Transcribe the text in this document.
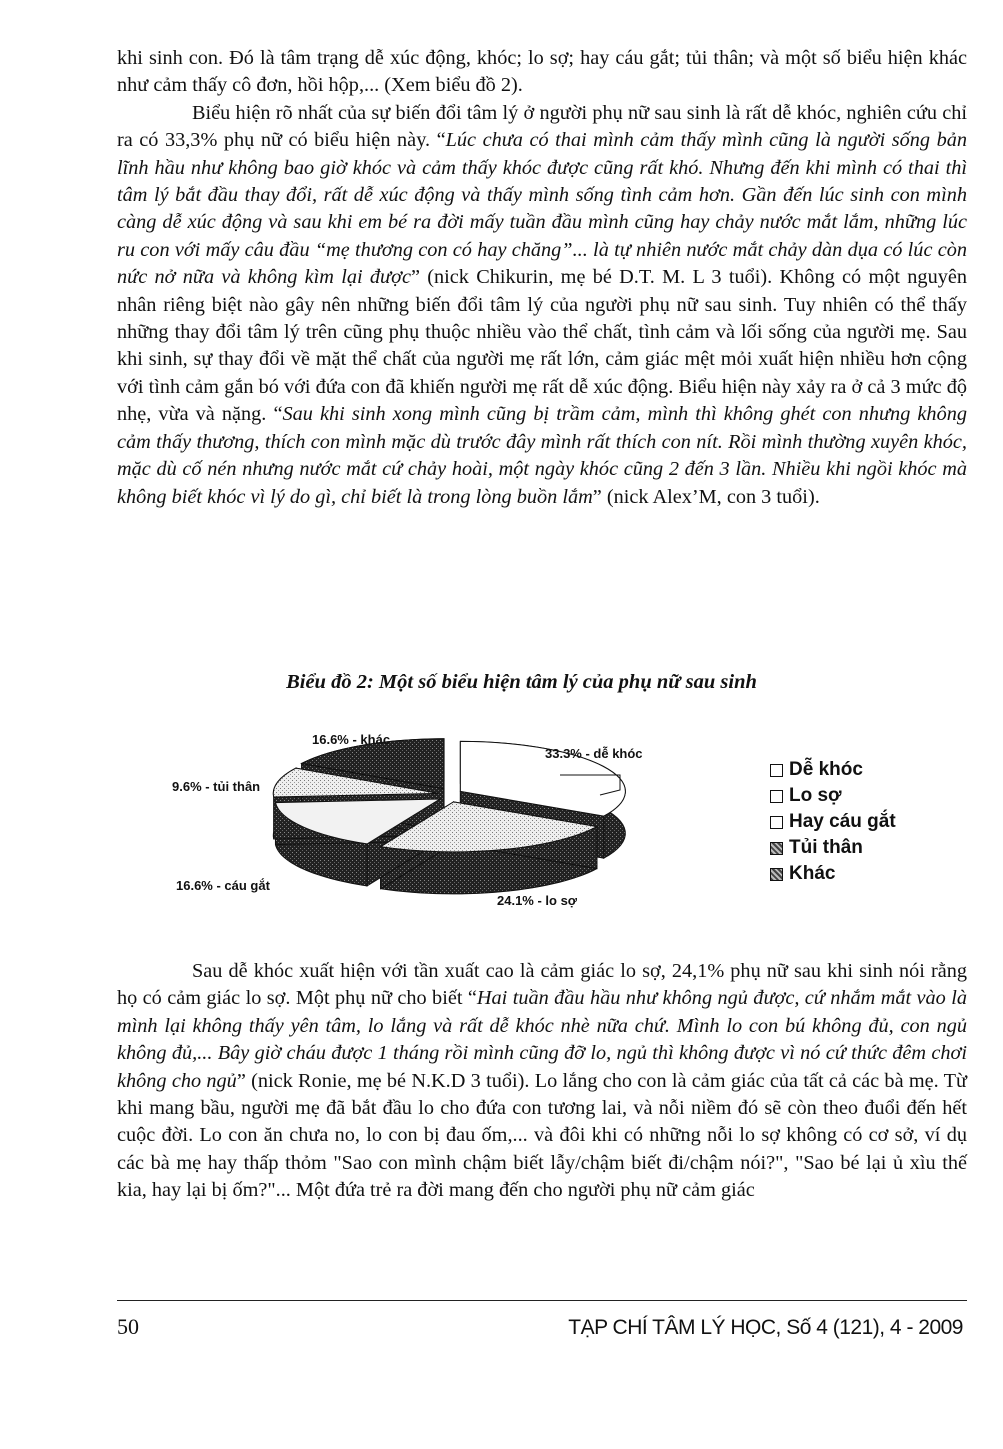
khi sinh con. Đó là tâm trạng dễ xúc động, khóc; lo sợ; hay cáu gắt; tủi thân; và một số biểu hiện khác như cảm thấy cô đơn, hồi hộp,... (Xem biểu đồ 2).

Biểu hiện rõ nhất của sự biến đổi tâm lý ở người phụ nữ sau sinh là rất dễ khóc, nghiên cứu chỉ ra có 33,3% phụ nữ có biểu hiện này. “Lúc chưa có thai mình cảm thấy mình cũng là người sống bản lĩnh hầu như không bao giờ khóc và cảm thấy khóc được cũng rất khó. Nhưng đến khi mình có thai thì tâm lý bắt đầu thay đổi, rất dễ xúc động và thấy mình sống tình cảm hơn. Gần đến lúc sinh con mình càng dễ xúc động và sau khi em bé ra đời mấy tuần đầu mình cũng hay chảy nước mắt lắm, những lúc ru con với mấy câu đầu “mẹ thương con có hay chăng”... là tự nhiên nước mắt chảy dàn dụa có lúc còn nức nở nữa và không kìm lại được” (nick Chikurin, mẹ bé D.T. M. L 3 tuổi). Không có một nguyên nhân riêng biệt nào gây nên những biến đổi tâm lý của người phụ nữ sau sinh. Tuy nhiên có thể thấy những thay đổi tâm lý trên cũng phụ thuộc nhiều vào thể chất, tình cảm và lối sống của người mẹ. Sau khi sinh, sự thay đổi về mặt thể chất của người mẹ rất lớn, cảm giác mệt mỏi xuất hiện nhiều hơn cộng với tình cảm gắn bó với đứa con đã khiến người mẹ rất dễ xúc động. Biểu hiện này xảy ra ở cả 3 mức độ nhẹ, vừa và nặng. “Sau khi sinh xong mình cũng bị trầm cảm, mình thì không ghét con nhưng không cảm thấy thương, thích con mình mặc dù trước đây mình rất thích con nít. Rồi mình thường xuyên khóc, mặc dù cố nén nhưng nước mắt cứ chảy hoài, một ngày khóc cũng 2 đến 3 lần. Nhiều khi ngồi khóc mà không biết khóc vì lý do gì, chỉ biết là trong lòng buồn lắm” (nick Alex’M, con 3 tuổi).

Biểu đồ 2: Một số biểu hiện tâm lý của phụ nữ sau sinh
16.6% - khác
9.6% - tủi thân
33.3% - dễ khóc
16.6% - cáu gắt
24.1% - lo sợ
Dễ khóc
Lo sợ
Hay cáu gắt
Tủi thân
Khác

Sau dễ khóc xuất hiện với tần xuất cao là cảm giác lo sợ, 24,1% phụ nữ sau khi sinh nói rằng họ có cảm giác lo sợ. Một phụ nữ cho biết “Hai tuần đầu hầu như không ngủ được, cứ nhắm mắt vào là mình lại không thấy yên tâm, lo lắng và rất dễ khóc nhè nữa chứ. Mình lo con bú không đủ, con ngủ không đủ,... Bây giờ cháu được 1 tháng rồi mình cũng đỡ lo, ngủ thì không được vì nó cứ thức đêm chơi không cho ngủ” (nick Ronie, mẹ bé N.K.D 3 tuổi). Lo lắng cho con là cảm giác của tất cả các bà mẹ. Từ khi mang bầu, người mẹ đã bắt đầu lo cho đứa con tương lai, và nỗi niềm đó sẽ còn theo đuổi đến hết cuộc đời. Lo con ăn chưa no, lo con bị đau ốm,... và đôi khi có những nỗi lo sợ không có cơ sở, ví dụ các bà mẹ hay thấp thỏm "Sao con mình chậm biết lẫy/chậm biết đi/chậm nói?", "Sao bé lại ủ xìu thế kia, hay lại bị ốm?"... Một đứa trẻ ra đời mang đến cho người phụ nữ cảm giác

50	TẠP CHÍ TÂM LÝ HỌC, Số 4 (121), 4 - 2009
